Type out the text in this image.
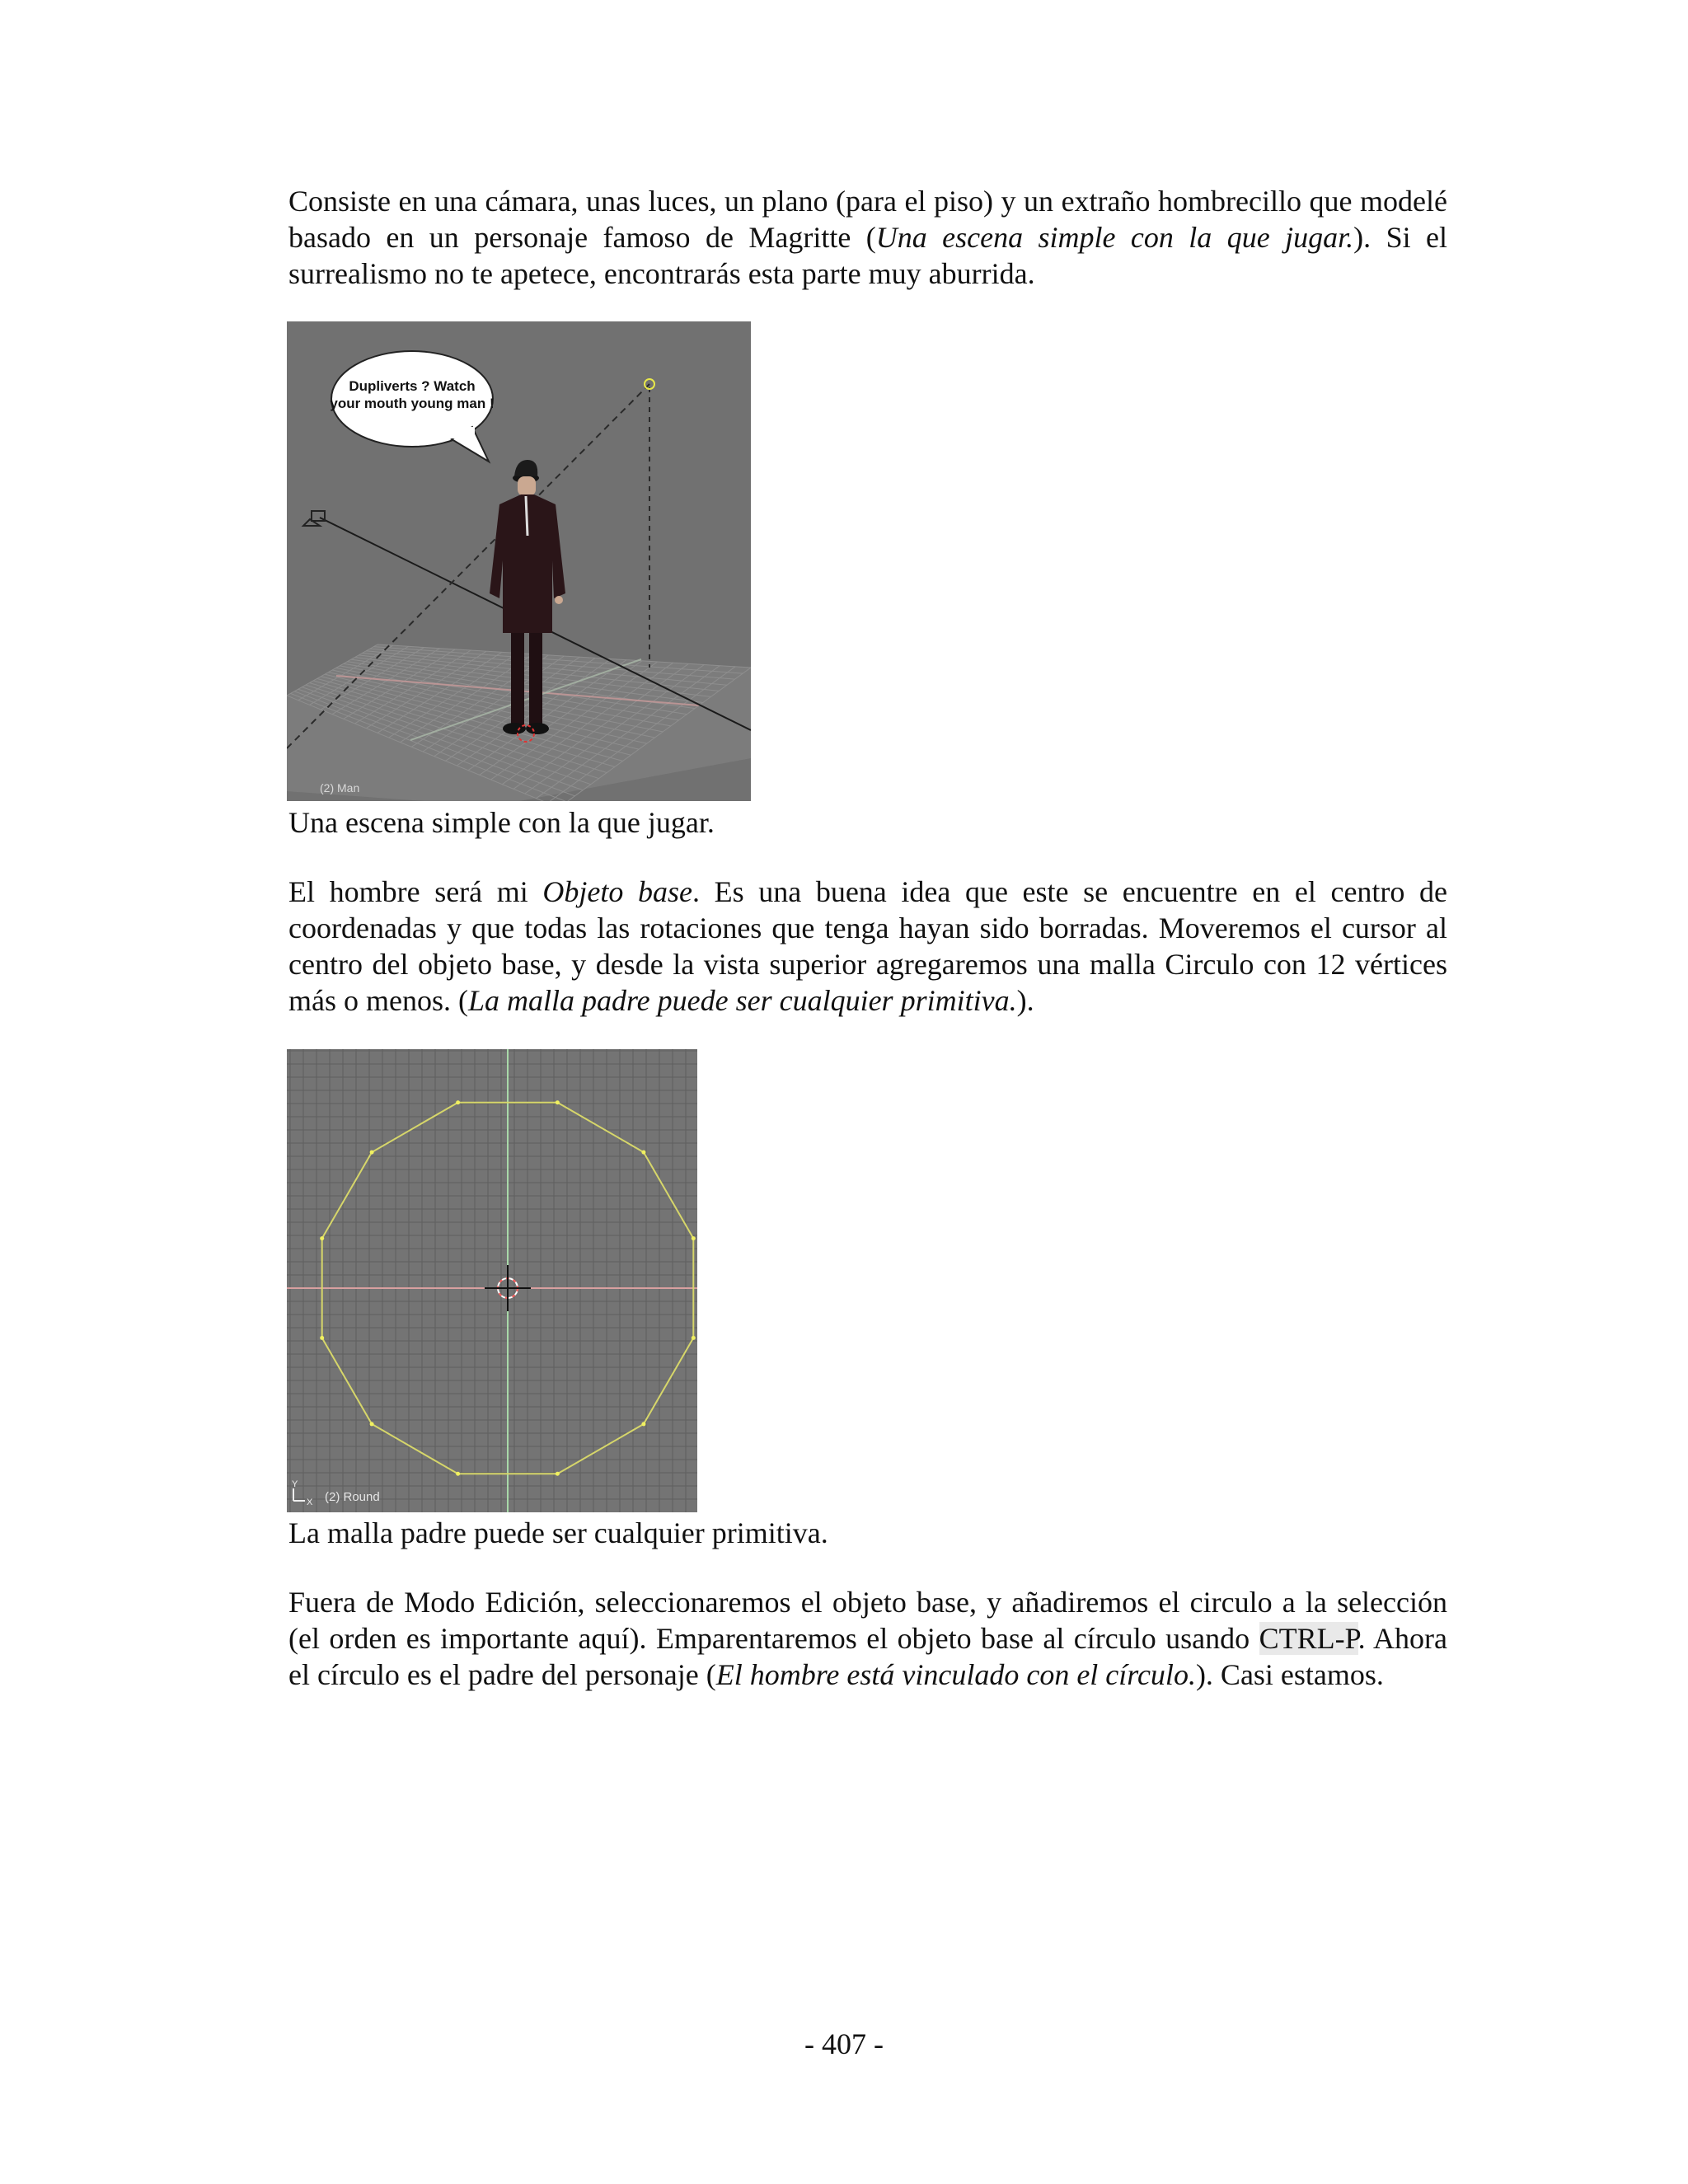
Consiste en una cámara, unas luces, un plano (para el piso) y un extraño hombrecillo que modelé basado en un personaje famoso de Magritte (Una escena simple con la que jugar.). Si el surrealismo no te apetece, encontrarás esta parte muy aburrida.

Dupliverts ? Watch
your mouth young man !
(2) Man

Una escena simple con la que jugar.

El hombre será mi Objeto base. Es una buena idea que este se encuentre en el centro de coordenadas y que todas las rotaciones que tenga hayan sido borradas. Moveremos el cursor al centro del objeto base, y desde la vista superior agregaremos una malla Circulo con 12 vértices más o menos. (La malla padre puede ser cualquier primitiva.).

Y
X (2) Round

La malla padre puede ser cualquier primitiva.

Fuera de Modo Edición, seleccionaremos el objeto base, y añadiremos el circulo a la selección (el orden es importante aquí). Emparentaremos el objeto base al círculo usando CTRL-P. Ahora el círculo es el padre del personaje (El hombre está vinculado con el círculo.). Casi estamos.

- 407 -
